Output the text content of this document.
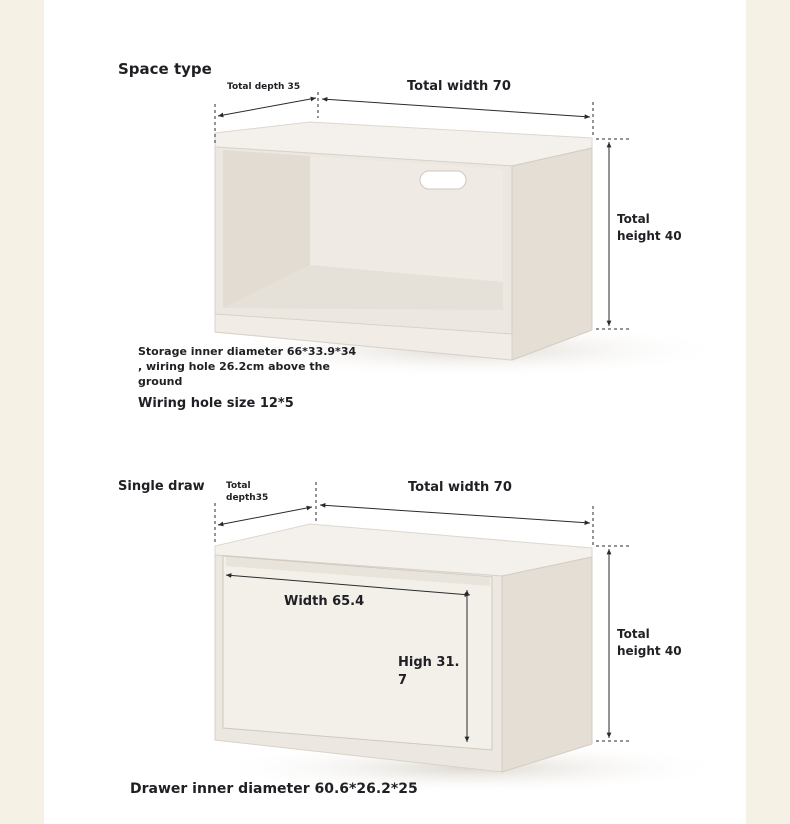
Space type
Total depth 35	Total width 70
Total
height 40
Storage inner diameter 66*33.9*34
, wiring hole 26.2cm above the
ground
Wiring hole size 12*5
Single draw Total
depth35
Total width 70
Total
height 40
Width 65.4
High 31.
7
Drawer inner diameter 60.6*26.2*25
